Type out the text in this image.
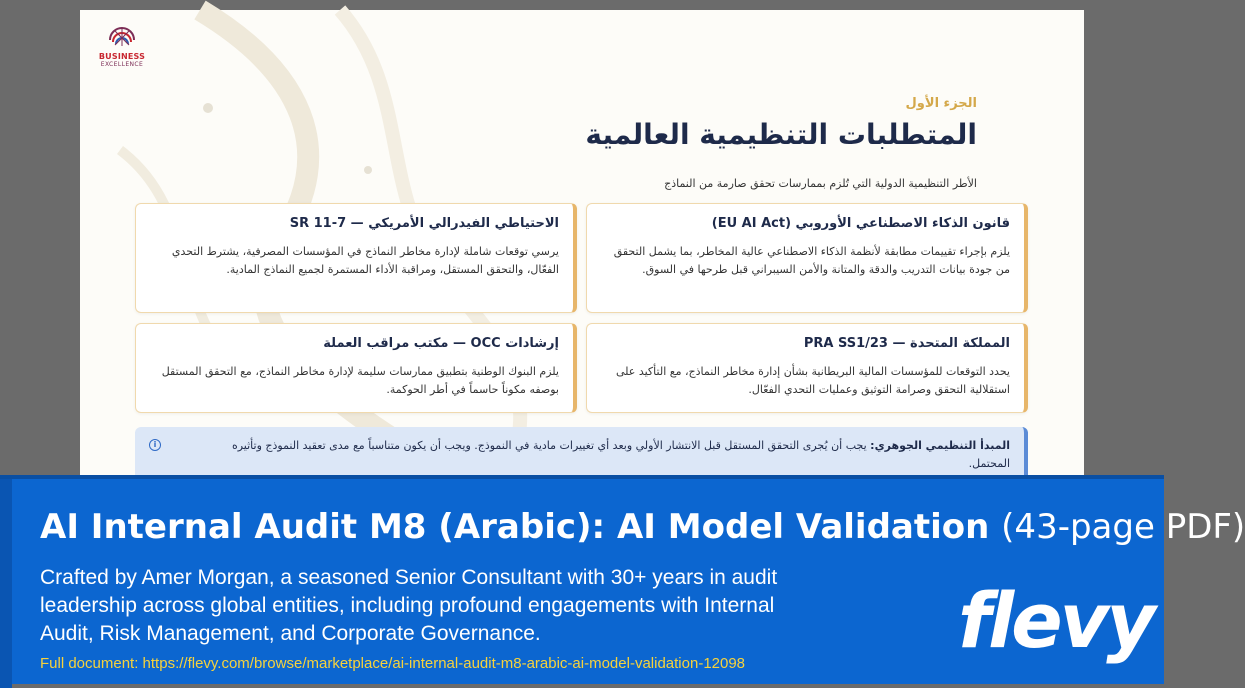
BUSINESS
EXCELLENCE
الجزء الأول
المتطلبات التنظيمية العالمية
الأطر التنظيمية الدولية التي تُلزم بممارسات تحقق صارمة من النماذج
قانون الذكاء الاصطناعي الأوروبي (EU AI Act)
يلزم بإجراء تقييمات مطابقة لأنظمة الذكاء الاصطناعي عالية المخاطر، بما يشمل التحقق من جودة بيانات التدريب والدقة والمتانة والأمن السيبراني قبل طرحها في السوق.
الاحتياطي الفيدرالي الأمريكي — SR 11-7
يرسي توقعات شاملة لإدارة مخاطر النماذج في المؤسسات المصرفية، يشترط التحدي الفعّال، والتحقق المستقل، ومراقبة الأداء المستمرة لجميع النماذج المادية.
المملكة المتحدة — PRA SS1/23
يحدد التوقعات للمؤسسات المالية البريطانية بشأن إدارة مخاطر النماذج، مع التأكيد على استقلالية التحقق وصرامة التوثيق وعمليات التحدي الفعّال.
إرشادات OCC — مكتب مراقب العملة
يلزم البنوك الوطنية بتطبيق ممارسات سليمة لإدارة مخاطر النماذج، مع التحقق المستقل بوصفه مكوناً حاسماً في أطر الحوكمة.
i	المبدأ التنظيمي الجوهري: يجب أن يُجرى التحقق المستقل قبل الانتشار الأولي وبعد أي تغييرات مادية في النموذج. ويجب أن يكون متناسباً مع مدى تعقيد النموذج وتأثيره المحتمل.
AI Internal Audit M8 (Arabic): AI Model Validation (43-page PDF)
Crafted by Amer Morgan, a seasoned Senior Consultant with 30+ years in audit leadership across global entities, including profound engagements with Internal Audit, Risk Management, and Corporate Governance.
Full document: https://flevy.com/browse/marketplace/ai-internal-audit-m8-arabic-ai-model-validation-12098	flevy
